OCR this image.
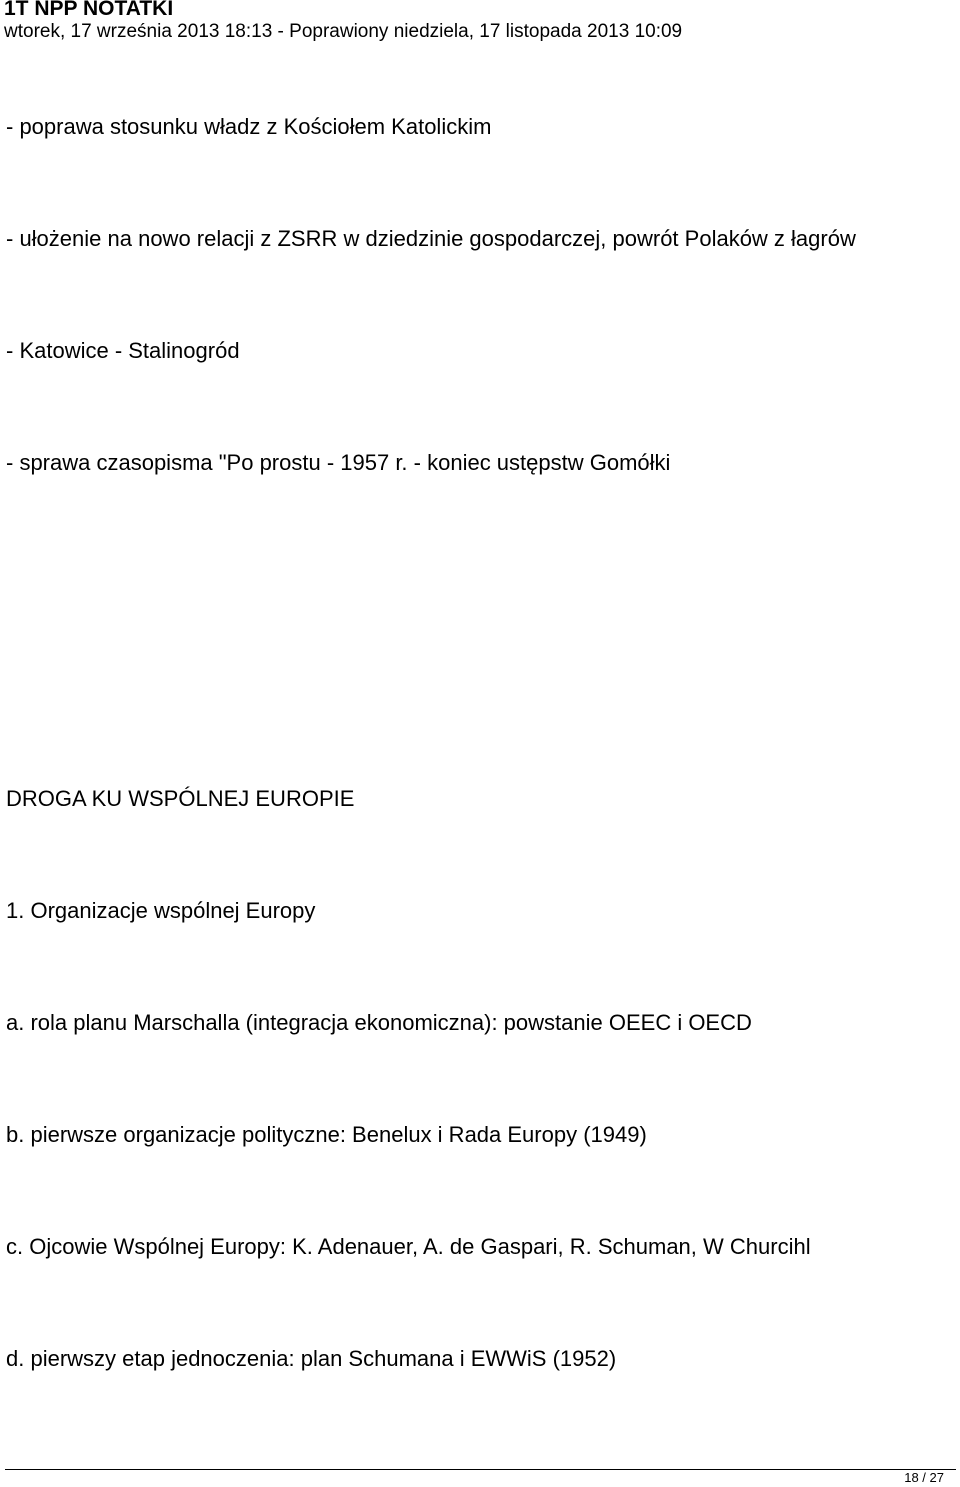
1T NPP NOTATKI
wtorek, 17 września 2013 18:13 - Poprawiony niedziela, 17 listopada 2013 10:09
- poprawa stosunku władz z Kościołem Katolickim
- ułożenie na nowo relacji z ZSRR w dziedzinie gospodarczej, powrót Polaków z łagrów
- Katowice - Stalinogród
- sprawa czasopisma "Po prostu - 1957 r. - koniec ustępstw Gomółki
DROGA KU WSPÓLNEJ EUROPIE
1. Organizacje wspólnej Europy
a. rola planu Marschalla (integracja ekonomiczna): powstanie OEEC i OECD
b. pierwsze organizacje polityczne: Benelux i Rada Europy (1949)
c. Ojcowie Wspólnej Europy: K. Adenauer, A. de Gaspari, R. Schuman, W Churcihl
d. pierwszy etap jednoczenia: plan Schumana i EWWiS (1952)
18 / 27
